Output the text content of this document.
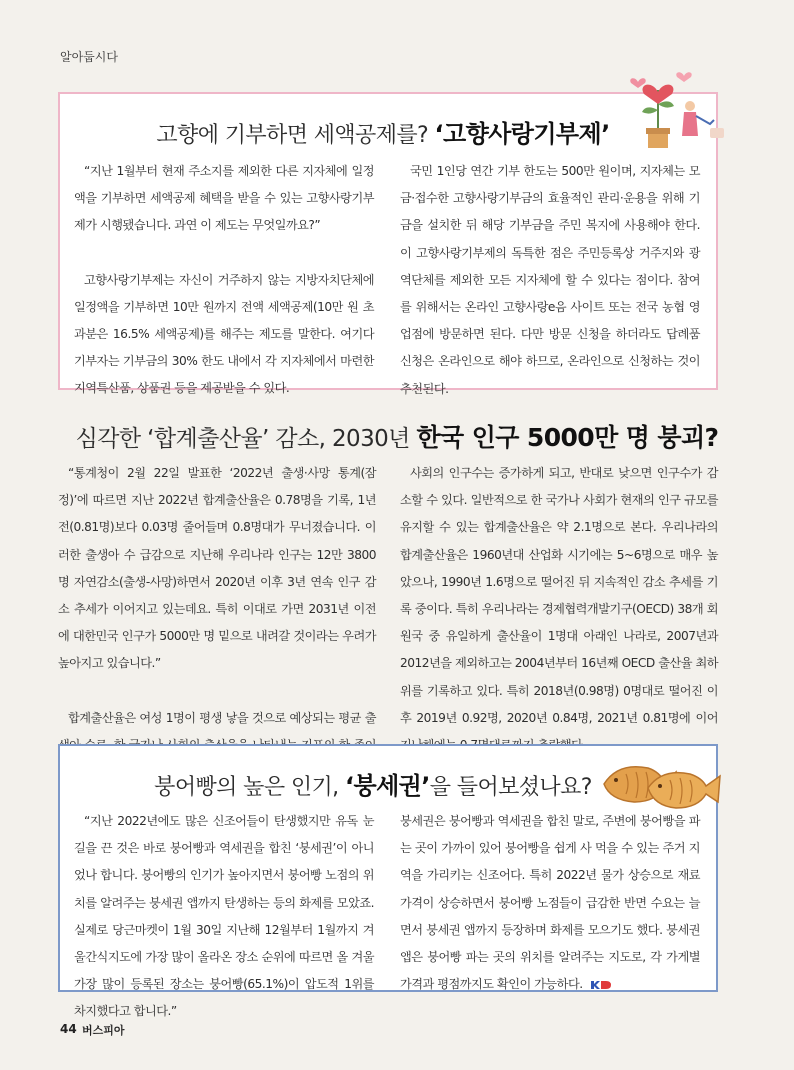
알아둡시다
고향에 기부하면 세액공제를? ‘고향사랑기부제’

“지난 1월부터 현재 주소지를 제외한 다른 지자체에 일정액을 기부하면 세액공제 혜택을 받을 수 있는 고향사랑기부제가 시행됐습니다. 과연 이 제도는 무엇일까요?”

고향사랑기부제는 자신이 거주하지 않는 지방자치단체에 일정액을 기부하면 10만 원까지 전액 세액공제(10만 원 초과분은 16.5% 세액공제)를 해주는 제도를 말한다. 여기다 기부자는 기부금의 30% 한도 내에서 각 지자체에서 마련한 지역특산품, 상품권 등을 제공받을 수 있다.

국민 1인당 연간 기부 한도는 500만 원이며, 지자체는 모금·접수한 고향사랑기부금의 효율적인 관리·운용을 위해 기금을 설치한 뒤 해당 기부금을 주민 복지에 사용해야 한다. 이 고향사랑기부제의 독특한 점은 주민등록상 거주지와 광역단체를 제외한 모든 지자체에 할 수 있다는 점이다. 참여를 위해서는 온라인 고향사랑e음 사이트 또는 전국 농협 영업점에 방문하면 된다. 다만 방문 신청을 하더라도 답례품 신청은 온라인으로 해야 하므로, 온라인으로 신청하는 것이 추천된다.

심각한 ‘합계출산율’ 감소, 2030년 한국 인구 5000만 명 붕괴?

“통계청이 2월 22일 발표한 ‘2022년 출생·사망 통계(잠정)’에 따르면 지난 2022년 합계출산율은 0.78명을 기록, 1년 전(0.81명)보다 0.03명 줄어들며 0.8명대가 무너졌습니다. 이러한 출생아 수 급감으로 지난해 우리나라 인구는 12만 3800명 자연감소(출생-사망)하면서 2020년 이후 3년 연속 인구 감소 추세가 이어지고 있는데요. 특히 이대로 가면 2031년 이전에 대한민국 인구가 5000만 명 밑으로 내려갈 것이라는 우려가 높아지고 있습니다.”

합계출산율은 여성 1명이 평생 낳을 것으로 예상되는 평균 출

사회의 인구수는 증가하게 되고, 반대로 낮으면 인구수가 감소할 수 있다. 일반적으로 한 국가나 사회가 현재의 인구 규모를 유지할 수 있는 합계출산율은 약 2.1명으로 본다. 우리나라의 합계출산율은 1960년대 산업화 시기에는 5~6명으로 매우 높았으나, 1990년 1.6명으로 떨어진 뒤 지속적인 감소 추세를 기록 중이다. 특히 우리나라는 경제협력개발기구(OECD) 38개 회원국 중 유일하게 출산율이 1명대 아래인 나라로, 2007년과 2012년을 제외하고는 2004년부터 16년째 OECD 출산율 최하위를 기록하고 있다. 특히 2018년(0.98명) 0명대로 떨어진 이후 2019년 0.92명, 2020년 0.84명, 2021년 0.81명에 이어

붕어빵의 높은 인기, ‘붕세권’을 들어보셨나요?

“지난 2022년에도 많은 신조어들이 탄생했지만 유독 눈길을 끈 것은 바로 붕어빵과 역세권을 합친 ‘붕세권’이 아니었나 합니다. 붕어빵의 인기가 높아지면서 붕어빵 노점의 위치를 알려주는 붕세권 앱까지 탄생하는 등의 화제를 모았죠. 실제로 당근마켓이 1월 30일 지난해 12월부터 1월까지 겨울간식지도에 가장 많이 올라온 장소 순위에 따르면 올 겨울 가장 많이 등록된 장소는 붕어빵(65.1%)이 압도적 1위를 차지했다고 합니다.”

붕세권은 붕어빵과 역세권을 합친 말로, 주변에 붕어빵을 파는 곳이 가까이 있어 붕어빵을 쉽게 사 먹을 수 있는 주거 지역을 가리키는 신조어다. 특히 2022년 물가 상승으로 재료 가격이 상승하면서 붕어빵 노점들이 급감한 반면 수요는 늘면서 붕세권 앱까지 등장하며 화제를 모으기도 했다. 붕세권 앱은 붕어빵 파는 곳의 위치를 알려주는 지도로, 각 가게별 가격과 평점까지도 확인이 가능하다.

44 버스피아
